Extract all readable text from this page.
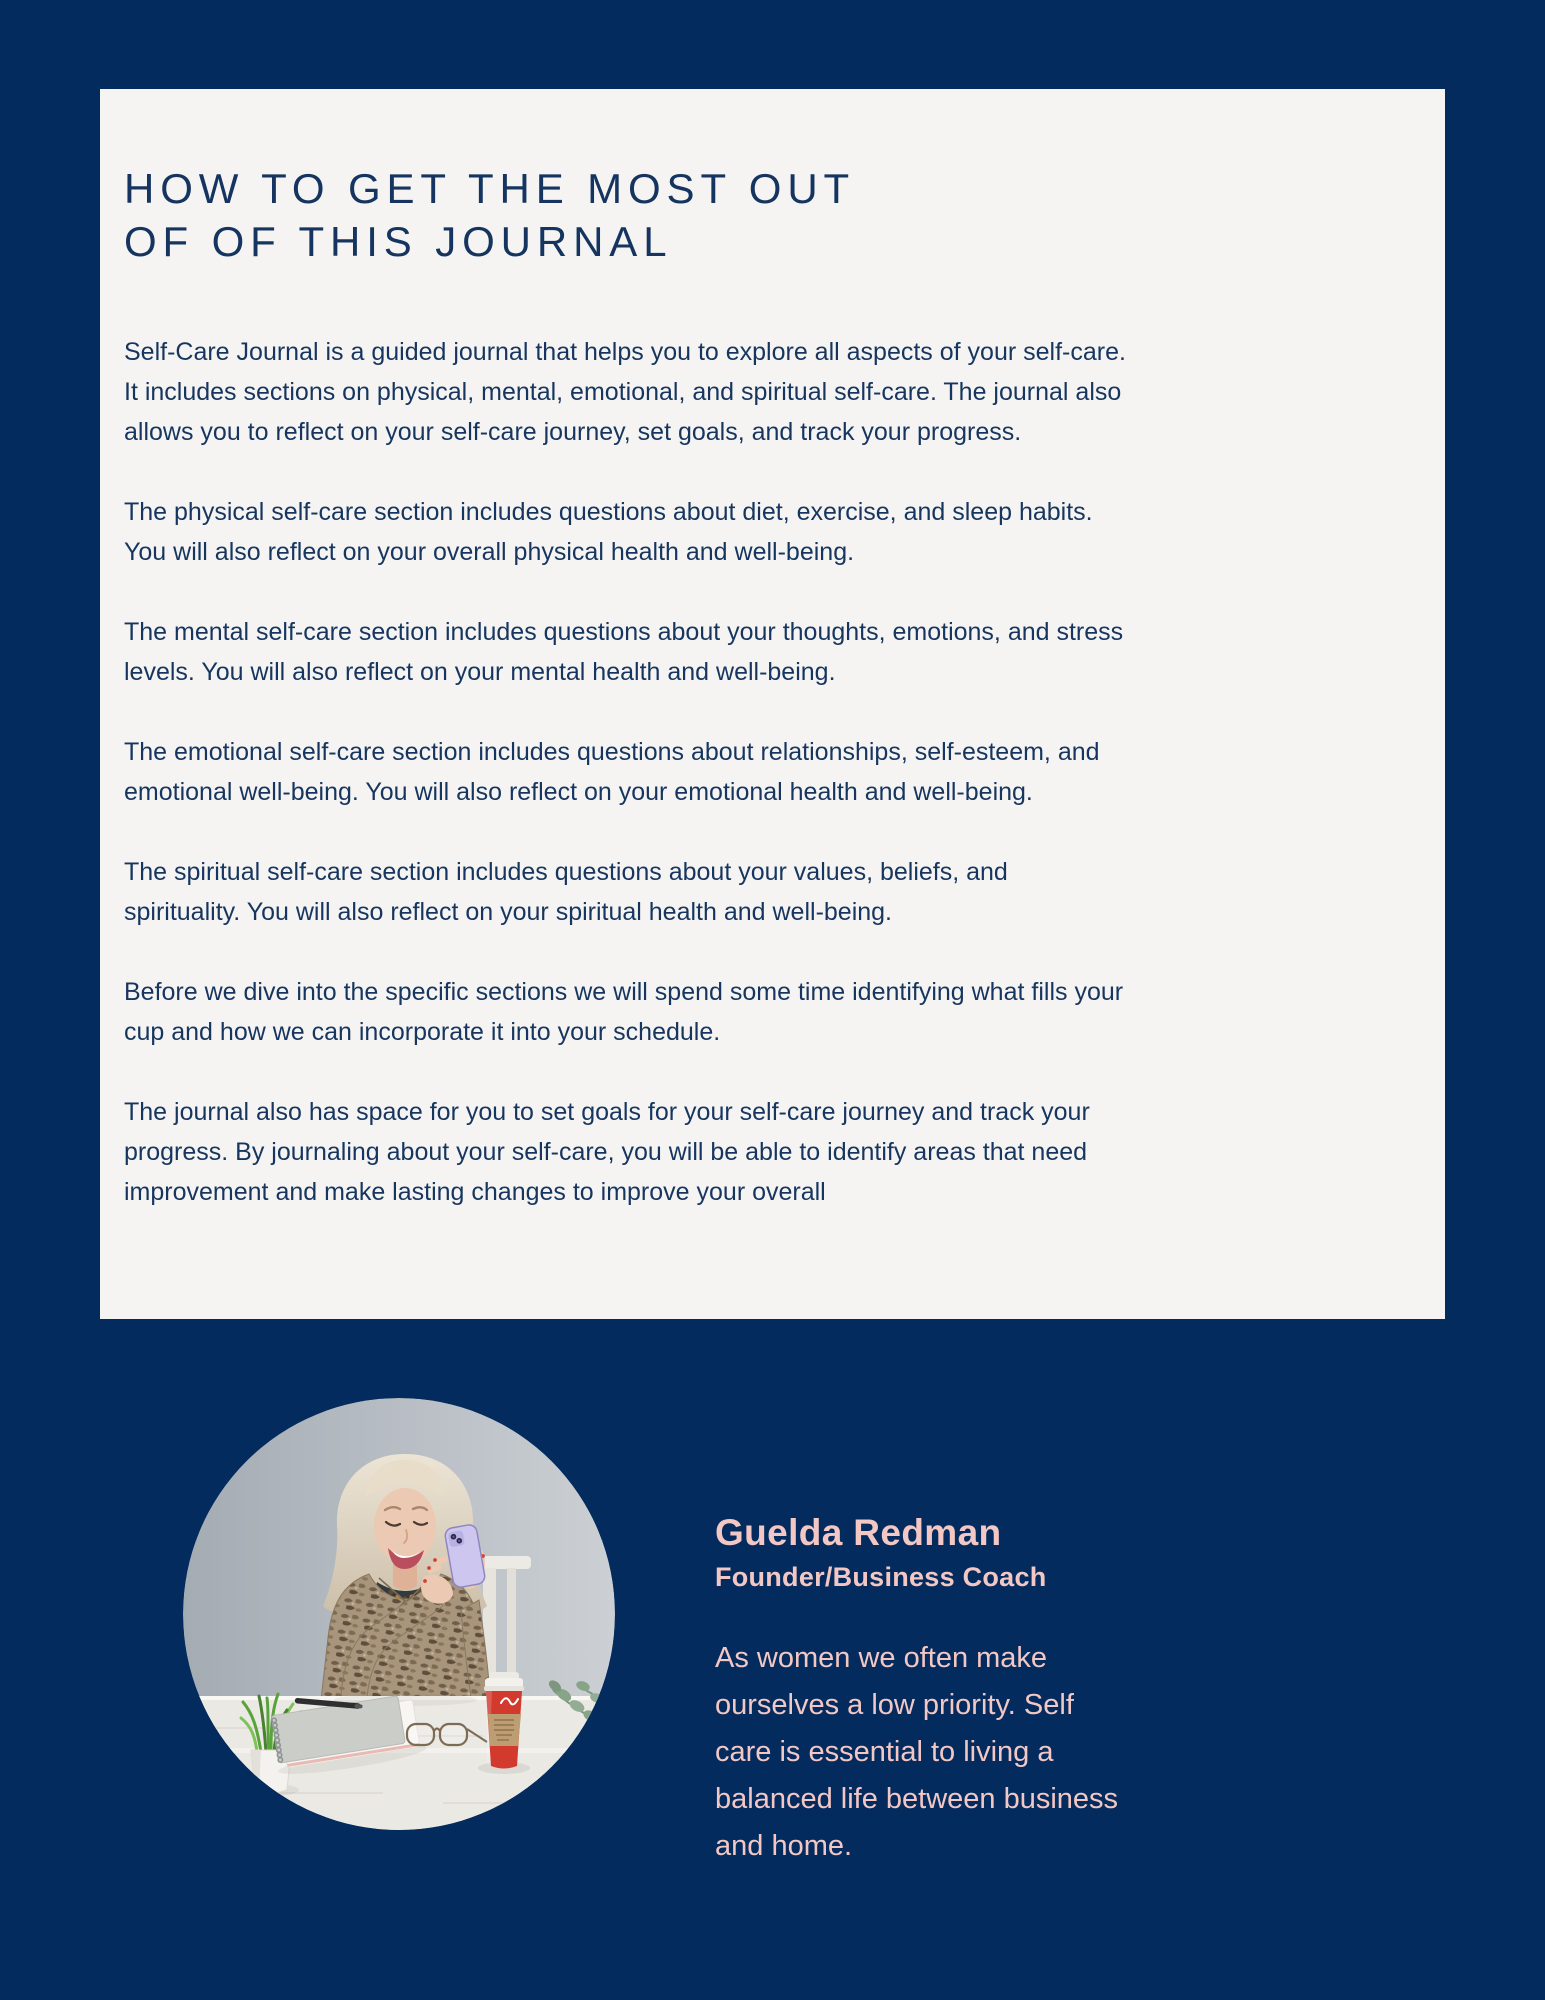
HOW TO GET THE MOST OUT
OF OF THIS JOURNAL

Self-Care Journal is a guided journal that helps you to explore all aspects of your self-care. It includes sections on physical, mental, emotional, and spiritual self-care. The journal also allows you to reflect on your self-care journey, set goals, and track your progress.

The physical self-care section includes questions about diet, exercise, and sleep habits. You will also reflect on your overall physical health and well-being.

The mental self-care section includes questions about your thoughts, emotions, and stress levels. You will also reflect on your mental health and well-being.

The emotional self-care section includes questions about relationships, self-esteem, and emotional well-being. You will also reflect on your emotional health and well-being.

The spiritual self-care section includes questions about your values, beliefs, and spirituality. You will also reflect on your spiritual health and well-being.

Before we dive into the specific sections we will spend some time identifying what fills your cup and how we can incorporate it into your schedule.

The journal also has space for you to set goals for your self-care journey and track your progress. By journaling about your self-care, you will be able to identify areas that need improvement and make lasting changes to improve your overall

Guelda Redman
Founder/Business Coach
As women we often make ourselves a low priority. Self care is essential to living a balanced life between business and home.
